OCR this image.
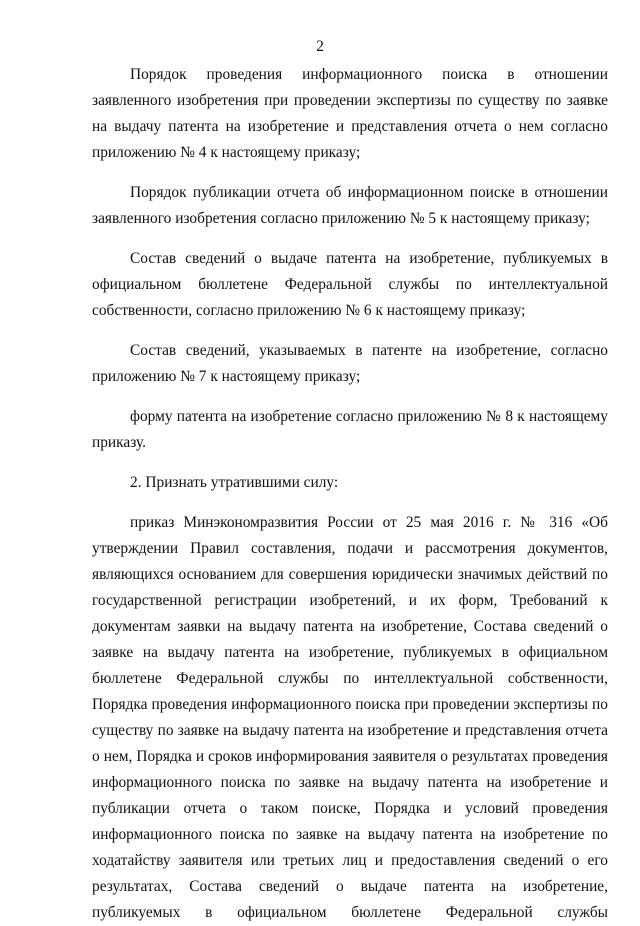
2

Порядок проведения информационного поиска в отношении заявленного изобретения при проведении экспертизы по существу по заявке на выдачу патента на изобретение и представления отчета о нем согласно приложению № 4 к настоящему приказу;

Порядок публикации отчета об информационном поиске в отношении заявленного изобретения согласно приложению № 5 к настоящему приказу;

Состав сведений о выдаче патента на изобретение, публикуемых в официальном бюллетене Федеральной службы по интеллектуальной собственности, согласно приложению № 6 к настоящему приказу;

Состав сведений, указываемых в патенте на изобретение, согласно приложению № 7 к настоящему приказу;

форму патента на изобретение согласно приложению № 8 к настоящему приказу.

2. Признать утратившими силу:

приказ Минэкономразвития России от 25 мая 2016 г. № 316 «Об утверждении Правил составления, подачи и рассмотрения документов, являющихся основанием для совершения юридически значимых действий по государственной регистрации изобретений, и их форм, Требований к документам заявки на выдачу патента на изобретение, Состава сведений о заявке на выдачу патента на изобретение, публикуемых в официальном бюллетене Федеральной службы по интеллектуальной собственности, Порядка проведения информационного поиска при проведении экспертизы по существу по заявке на выдачу патента на изобретение и представления отчета о нем, Порядка и сроков информирования заявителя о результатах проведения информационного поиска по заявке на выдачу патента на изобретение и публикации отчета о таком поиске, Порядка и условий проведения информационного поиска по заявке на выдачу патента на изобретение по ходатайству заявителя или третьих лиц и предоставления сведений о его результатах, Состава сведений о выдаче патента на изобретение, публикуемых в официальном бюллетене Федеральной службы
